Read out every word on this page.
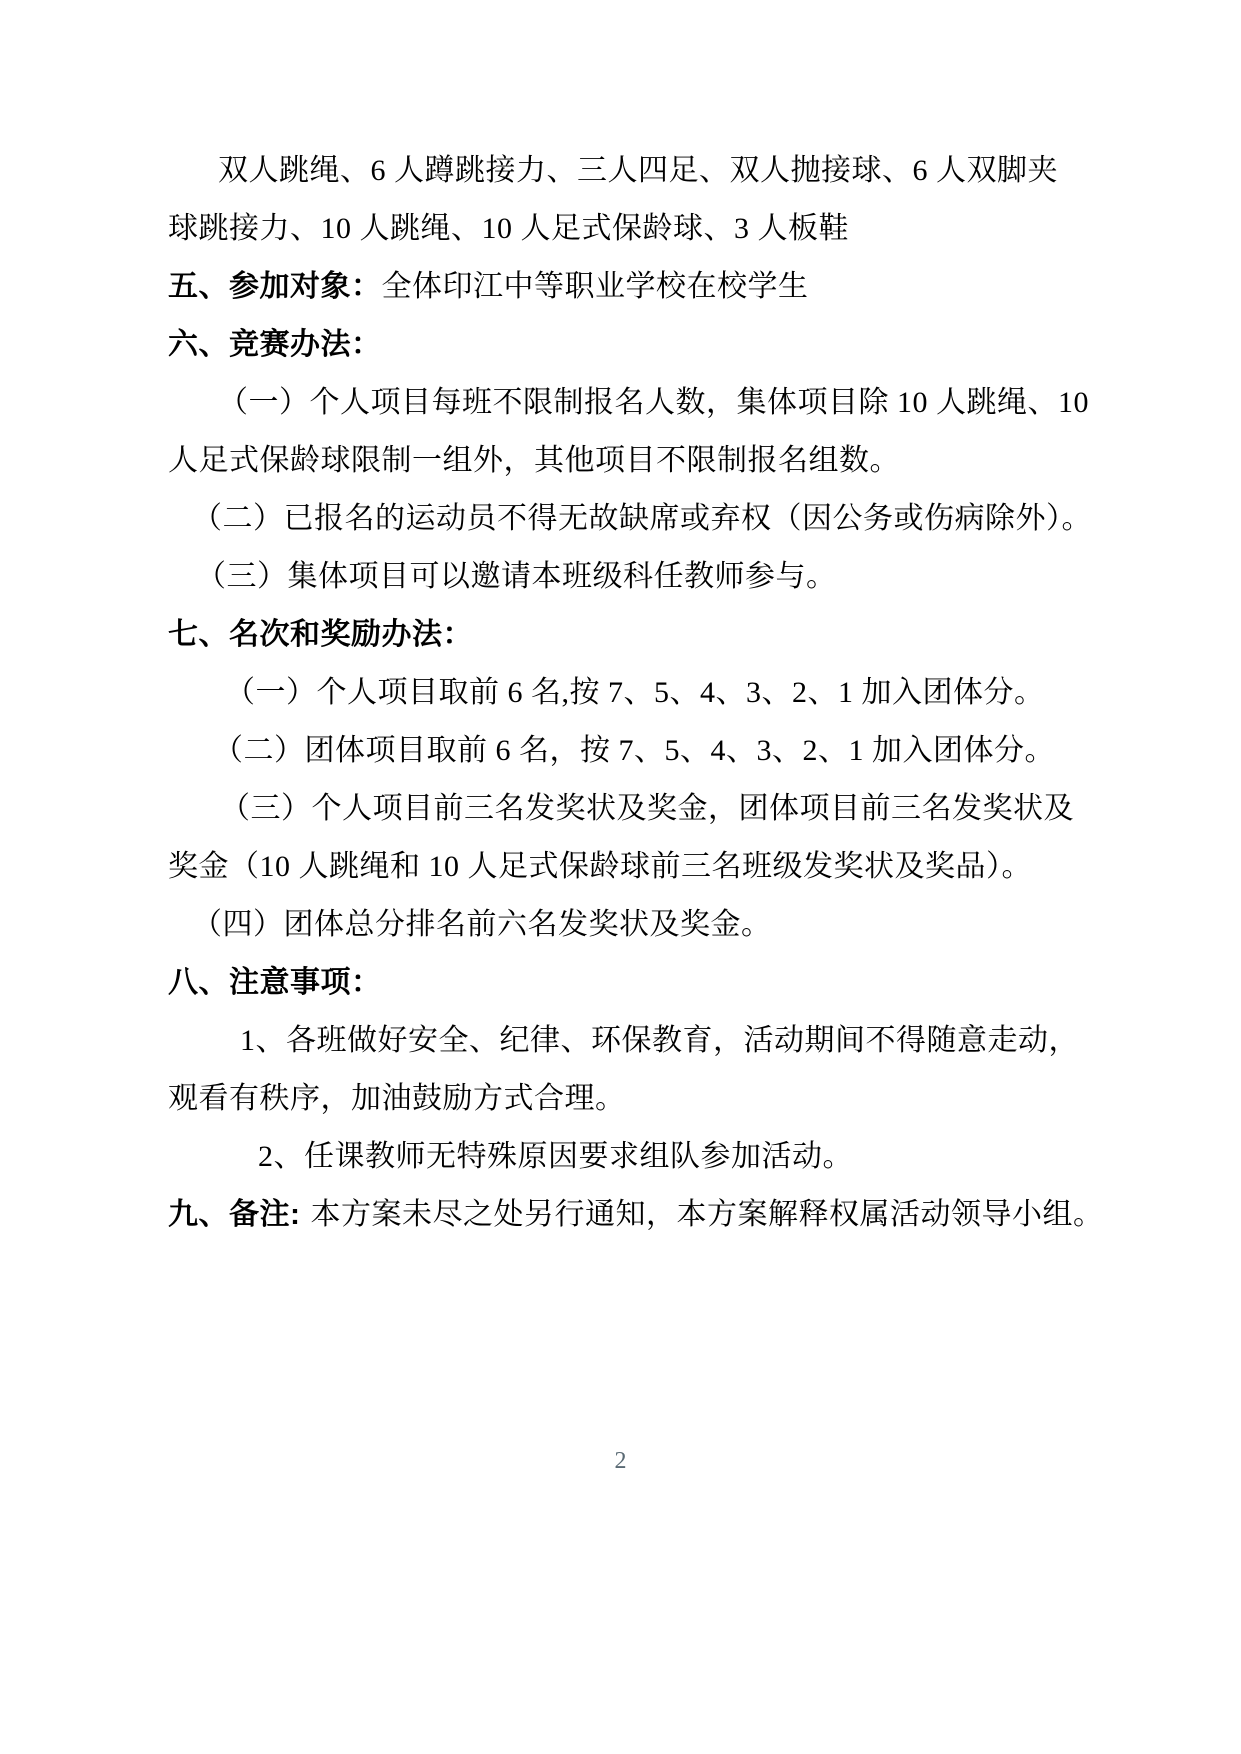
双人跳绳、6 人蹲跳接力、三人四足、双人抛接球、6 人双脚夹
球跳接力、10 人跳绳、10 人足式保龄球、3 人板鞋
五、参加对象： 全体印江中等职业学校在校学生
六、竞赛办法：
（一）个人项目每班不限制报名人数，集体项目除 10 人跳绳、10
人足式保龄球限制一组外，其他项目不限制报名组数。
（二）已报名的运动员不得无故缺席或弃权（因公务或伤病除外）。
（三）集体项目可以邀请本班级科任教师参与。
七、名次和奖励办法：
（一）个人项目取前 6 名,按 7、5、4、3、2、1 加入团体分。
（二）团体项目取前 6 名，按 7、5、4、3、2、1 加入团体分。
（三）个人项目前三名发奖状及奖金，团体项目前三名发奖状及
奖金（10 人跳绳和 10 人足式保龄球前三名班级发奖状及奖品）。
（四）团体总分排名前六名发奖状及奖金。
八、注意事项：
1、各班做好安全、纪律、环保教育，活动期间不得随意走动，
观看有秩序，加油鼓励方式合理。
2、任课教师无特殊原因要求组队参加活动。
九、备注: 本方案未尽之处另行通知，本方案解释权属活动领导小组。
2
